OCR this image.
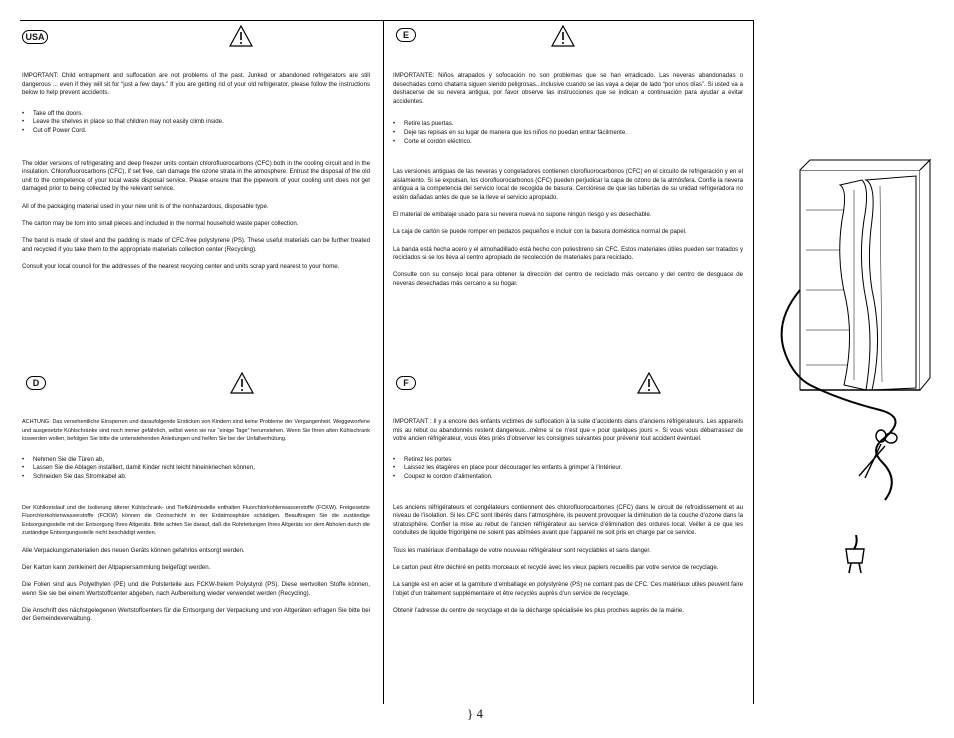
USA

IMPORTANT: Child entrapment and suffocation are not problems of the past. Junked or abandoned refrigerators are still dangerous ... even if they will sit for “just a few days.” If you are getting rid of your old refrigerator, please follow the instructions below to help prevent accidents.

• Take off the doors.
• Leave the shelves in place so that children may not easily climb inside.
• Cut off Power Cord.

The older versions of refrigerating and deep freezer units contain chlorofluorocarbons (CFC) both in the cooling circuit and in the insulation. Chlorofluorocarbons (CFC), if set free, can damage the ozone strata in the atmosphere. Entrust the disposal of the old unit to the competence of your local waste disposal service. Please ensure that the pipework of your cooling unit does not get damaged prior to being collected by the relevant service.

All of the packaging material used in your new unit is of the nonhazardous, disposable type.

The carton may be torn into small pieces and included in the normal household waste paper collection.

The band is made of steel and the padding is made of CFC-free polystyrene (PS). These useful materials can be further treated and recycled if you take them to the appropriate materials collection center (Recycling).

Consult your local council for the addresses of the nearest recycing center and units scrap yard nearest to your home.

E

IMPORTANTE: Niños atrapados y sofocación no son problemas que se han erradicado. Las neveras abandonadas o desechadas como chatarra siguen siendo peligrosas...inclusive cuando se las vaya a dejar de lado “por unos días”. Si usted va a deshacerse de su nevera antigua, por favor observe las instrucciones que se indican a continuación para ayudar a evitar accidentes.

• Retire las puertas.
• Deje las repisas en su lugar de manera que los niños no puedan entrar fácilmente.
• Corte el cordón eléctrico.

Las versiones antiguas de las neveras y congeladores contienen clorofluorocarbonos (CFC) en el circuito de refrigeración y en el aislamiento. Si se expulsan, los clorofluorocarbonos (CFC) pueden perjudicar la capa de ozono de la atmósfera. Confíe la nevera antigua a la competencia del servicio local de recogida de basura. Cerciórese de que las tuberías de su unidad refrigeradora no estén dañadas antes de que se la lleve el servicio apropiado.

El material de embalaje usado para su nevera nueva no supone ningún riesgo y es desechable.

La caja de cartón se puede romper en pedazos pequeños e incluir con la basura doméstica normal de papel.

La banda está hecha acero y el almohadillado está hecho con poliestireno sin CFC. Estos materiales útiles pueden ser tratados y reciclados si se los lleva al centro apropiado de recolección de materiales para reciclado.

Consulte con su consejo local para obtener la dirección del centro de reciclado más cercano y del centro de desguace de neveras desechadas más cercano a su hogar.

D

ACHTUNG: Das versehentliche Einsperren und daraufolgende Ersticken von Kindern sind keine Probleme der Vergangenheit. Weggeworfene und ausgesetzte Kühlschränke sind noch immer gefährlich, selbst wenn sie nur “einige Tage” herumstehen. Wenn Sie Ihren alten Kühlschrank loswerden wollen, befolgen Sie bitte die untenstehenden Anleitungen und helfen Sie bei der Unfallverhütung.

• Nehmen Sie die Türen ab,
• Lassen Sie die Ablagen installiert, damit Kinder nicht leicht hineinkriechen können,
• Schneiden Sie das Stromkabel ab.

Der Kühlkreislauf und die Isolierung älterer Kühlschrank- und Tiefkühlmodelle enthalten Fluorchlorkohlenwasserstoffe (FCKW). Freigesetzte Fluorchlorkohlenwasserstoffe (FCKW) können die Ozonschicht in der Erdatmosphäre schädigen. Beauftragen Sie die zuständige Entsorgungsstelle mit der Entsorgung Ihres Altgeräts. Bitte achten Sie darauf, daß die Rohrleitungen Ihres Altgeräts vor dem Abholen durch die zuständige Entsorgungsstelle nicht beschädigt werden.

Alle Verpackungsmaterialien des neuen Geräts können gefahrlos entsorgt werden.

Der Karton kann zerkleinert der Altpapiersammlung beigefügt werden.

Die Folien sind aus Polyethylen (PE) und die Polsterteile aus FCKW-freiem Polystyrol (PS). Diese wertvollen Stoffe können, wenn Sie sie bei einem Wertstoffcenter abgeben, nach Aufbereitung wieder verwendet werden (Recycling).

Die Anschrift des nächstgelegenen Wertstoffcenters für die Entsorgung der Verpackung und von Altgeräten erfragen Sie bitte bei der Gemeindeverwaltung.

F

IMPORTANT : Il y a encore des enfants victimes de suffocation à la suite d’accidents dans d’anciens réfrigérateurs. Les appareils mis au rebut ou abandonnés restent dangereux...même si ce n’est que « pour quelques jours ». Si vous vous débarrassez de votre ancien réfrigérateur, vous êtes priés d’observer les consignes suivantes pour prévenir tout accident éventuel.

• Retirez les portes
• Laissez les étagères en place pour décourager les enfants à grimper à l’intérieur.
• Coupez le cordon d’alimentation.

Les anciens réfrigérateurs et congélateurs contiennent des chlorofluorocarbones (CFC) dans le circuit de refroidissement et au niveau de l’isolation. Si les CFC sont libérés dans l’atmosphère, ils peuvent provoquer la diminution de la couche d’ozone dans la stratosphère. Confier la mise au rebut de l’ancien réfrigérateur au service d’élimination des ordures local. Veiller à ce que les conduites de liquide frigorigène ne soient pas abîmées avant que l’appareil ne soit pris en charge par ce service.

Tous les matériaux d’emballage de votre nouveau réfrigérateur sont recyclables et sans danger.

Le carton peut être déchiré en petits morceaux et recyclé avec les vieux papiers recueillis par votre service de recyclage.

La sangle est en acier et la garniture d’emballage en polystyrène (PS) ne contant pas de CFC. Ces matériaux utiles peuvent faire l’objet d’un traitement supplémentaire et être recyclés auprès d’un service de recyclage.

Obtenir l’adresse du centre de recyclage et de la décharge spécialisée les plus proches auprès de la mairie.

} 4
